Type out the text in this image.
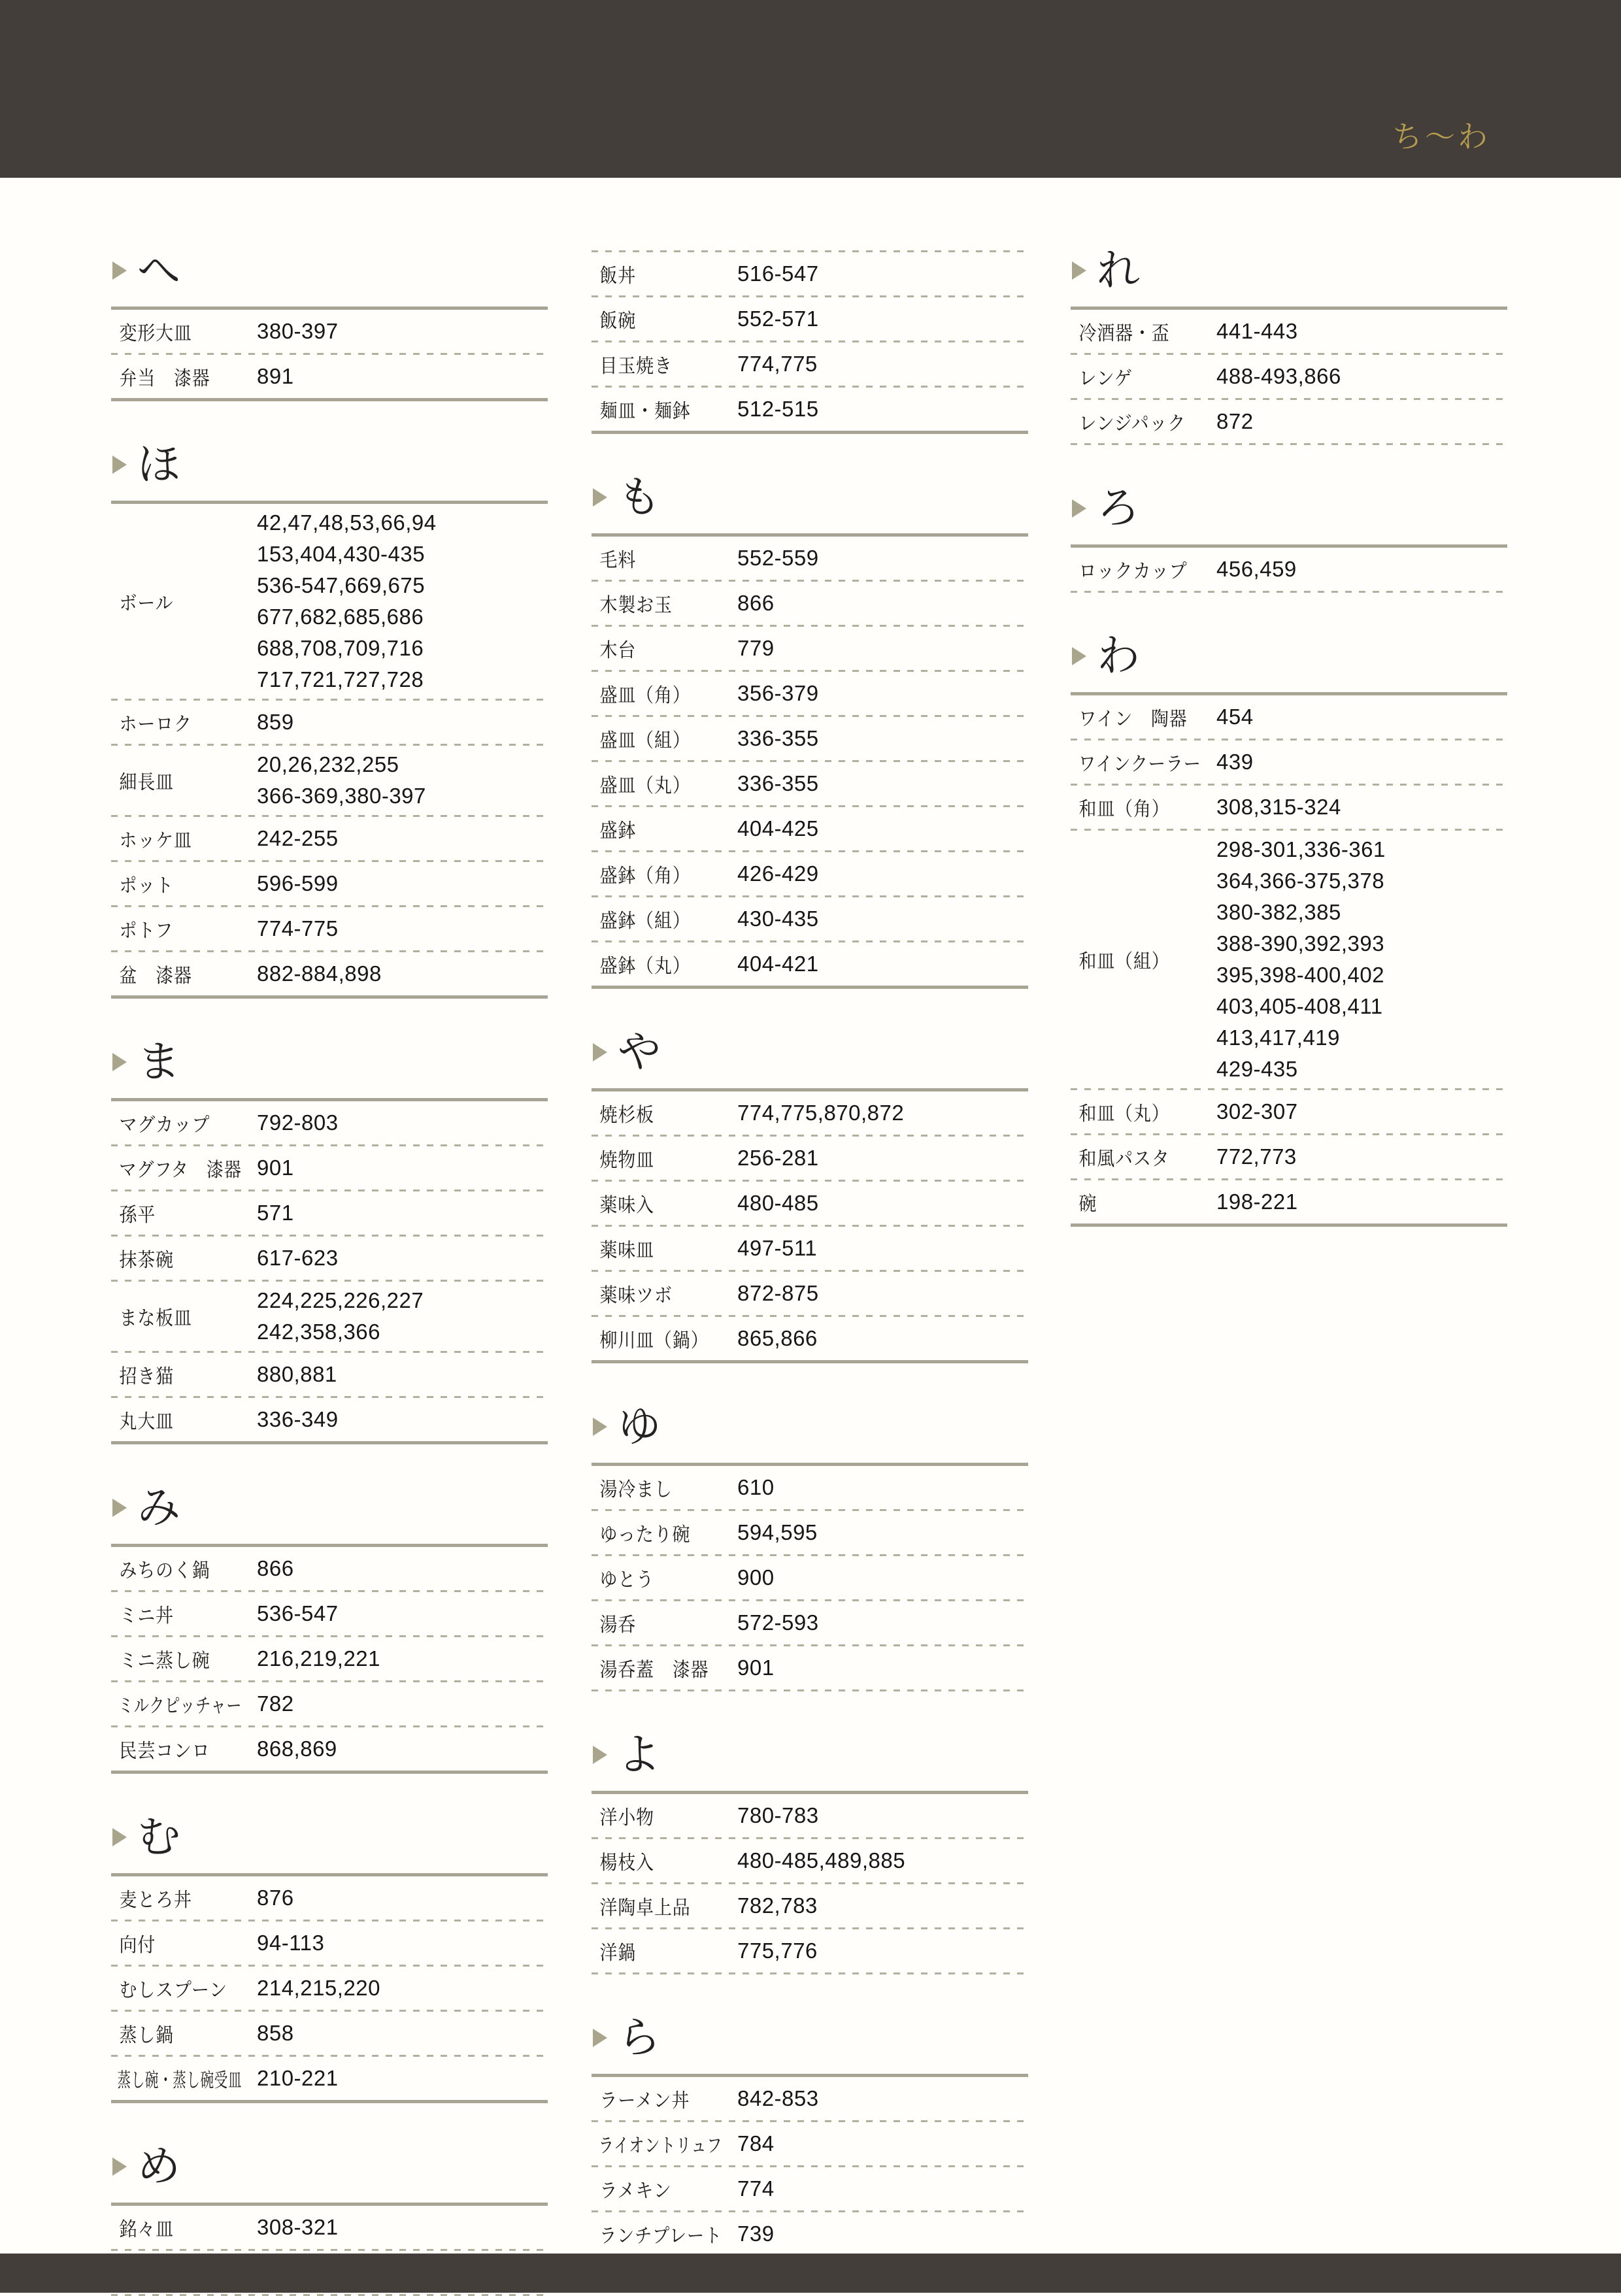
ち〜わ
へ
変形大皿	380-397
弁当　漆器	891
ほ
ボール
42,47,48,53,66,94
153,404,430-435
536-547,669,675
677,682,685,686
688,708,709,716
717,721,727,728
ホーロク	859
細長皿
20,26,232,255
366-369,380-397
ホッケ皿	242-255
ポット	596-599
ポトフ	774-775
盆　漆器	882-884,898
ま
マグカップ	792-803
マグフタ　漆器 901
孫平	571
抹茶碗	617-623
まな板皿
224,225,226,227
242,358,366
招き猫	880,881
丸大皿	336-349
み
みちのく鍋	866
ミニ丼	536-547
ミニ蒸し碗	216,219,221
ミルクピッチャー 782
民芸コンロ	868,869
む
麦とろ丼	876
向付	94-113
むしスプーン	214,215,220
蒸し鍋	858
蒸し碗・蒸し碗受皿 210-221
め
銘々皿	308-321
飯丼	516-547
飯碗	552-571
目玉焼き	774,775
麺皿・麺鉢	512-515
も
毛料	552-559
木製お玉	866
木台	779
盛皿（角）	356-379
盛皿（組）	336-355
盛皿（丸）	336-355
盛鉢	404-425
盛鉢（角）	426-429
盛鉢（組）	430-435
盛鉢（丸）	404-421
や
焼杉板	774,775,870,872
焼物皿	256-281
薬味入	480-485
薬味皿	497-511
薬味ツボ	872-875
柳川皿（鍋）	865,866
ゆ
湯冷まし	610
ゆったり碗	594,595
ゆとう	900
湯呑	572-593
湯呑蓋　漆器	901
よ
洋小物	780-783
楊枝入	480-485,489,885
洋陶卓上品	782,783
洋鍋	775,776
ら
ラーメン丼	842-853
ライオントリュフ 784
ラメキン	774
ランチプレート 739
れ
冷酒器・盃	441-443
レンゲ	488-493,866
レンジパック	872
ろ
ロックカップ	456,459
わ
ワイン　陶器	454
ワインクーラー 439
和皿（角）	308,315-324
和皿（組）
298-301,336-361
364,366-375,378
380-382,385
388-390,392,393
395,398-400,402
403,405-408,411
413,417,419
429-435
和皿（丸）	302-307
和風パスタ	772,773
碗	198-221
